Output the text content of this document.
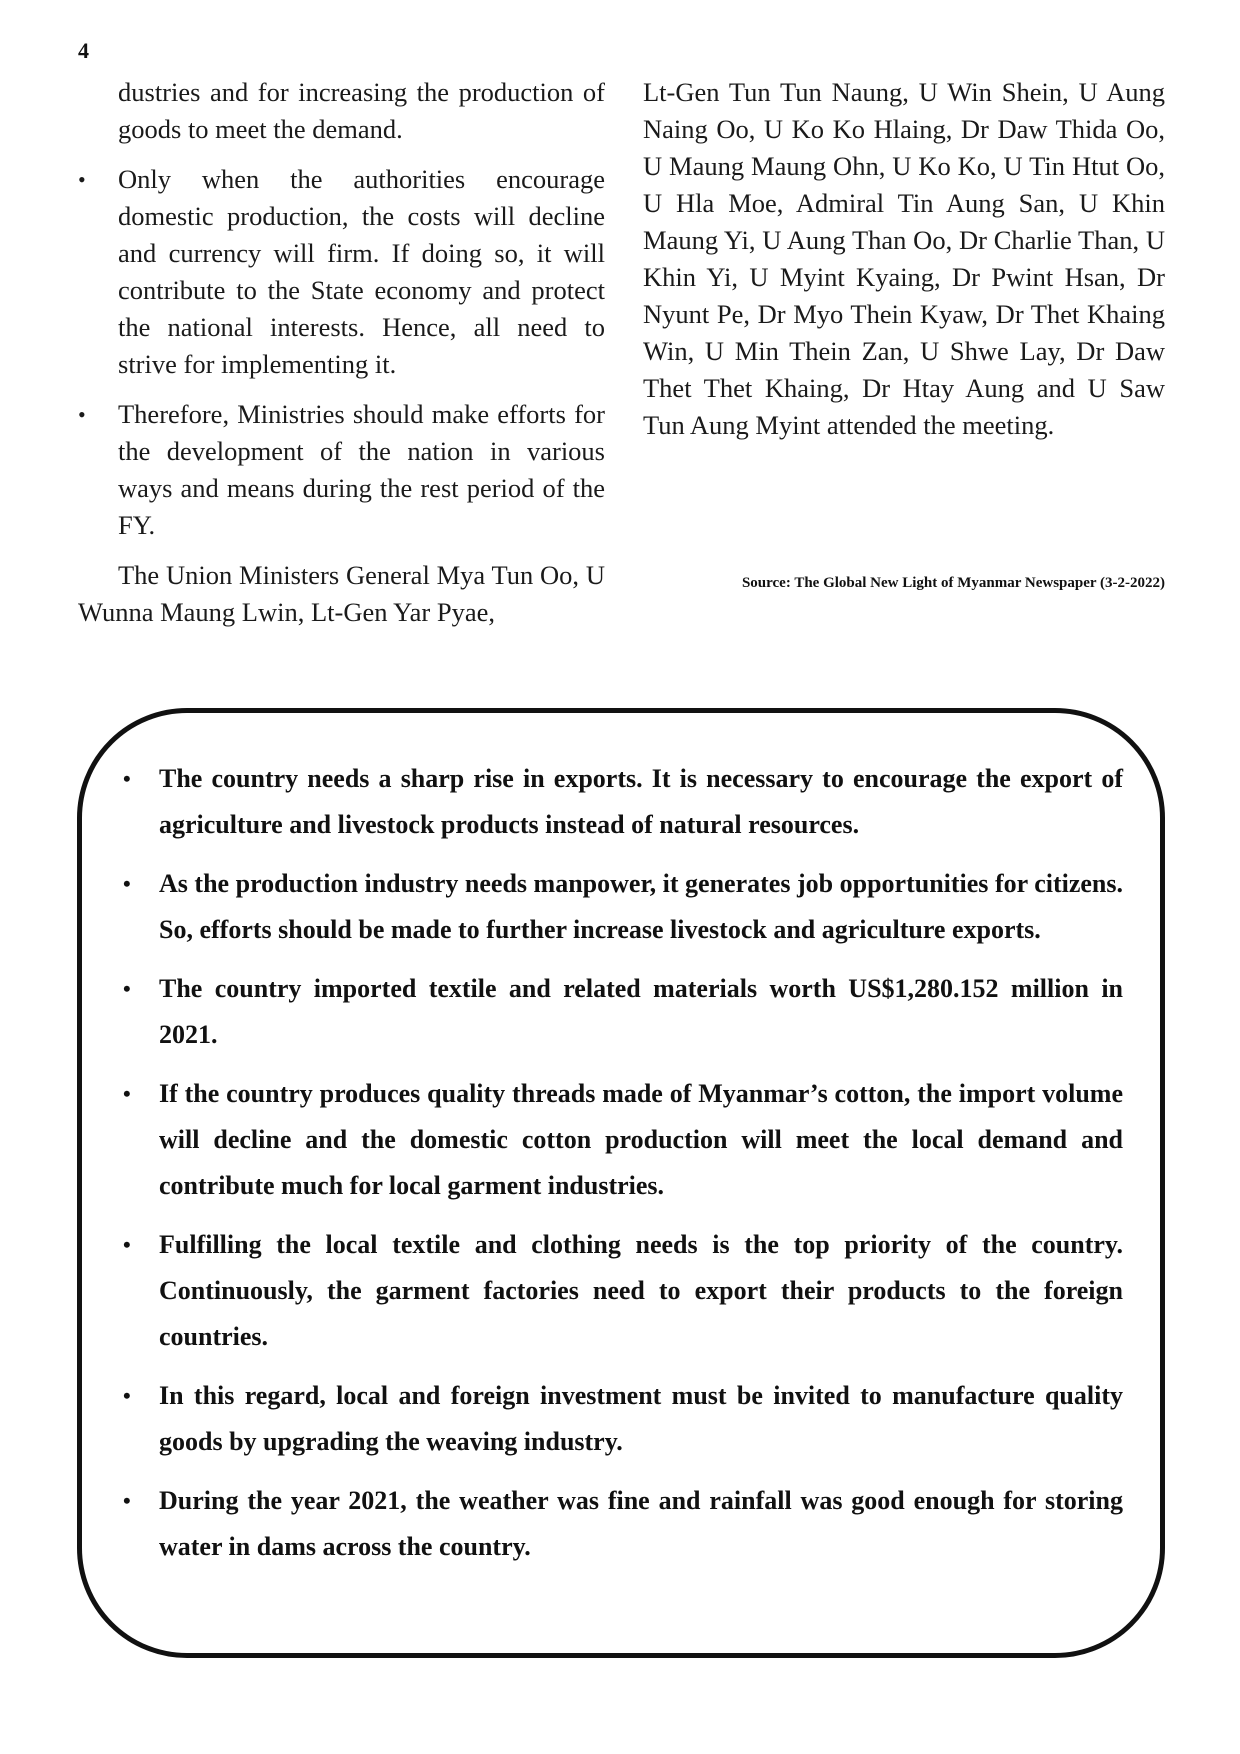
4

dustries and for increasing the production of goods to meet the demand.

• Only when the authorities encourage domestic production, the costs will decline and currency will firm. If doing so, it will contribute to the State economy and protect the national interests. Hence, all need to strive for implementing it.
• Therefore, Ministries should make efforts for the development of the nation in various ways and means during the rest period of the FY.

The Union Ministers General Mya Tun Oo, U Wunna Maung Lwin, Lt-Gen Yar Pyae,

Lt-Gen Tun Tun Naung, U Win Shein, U Aung Naing Oo, U Ko Ko Hlaing, Dr Daw Thida Oo, U Maung Maung Ohn, U Ko Ko, U Tin Htut Oo, U Hla Moe, Admiral Tin Aung San, U Khin Maung Yi, U Aung Than Oo, Dr Charlie Than, U Khin Yi, U Myint Kyaing, Dr Pwint Hsan, Dr Nyunt Pe, Dr Myo Thein Kyaw, Dr Thet Khaing Win, U Min Thein Zan, U Shwe Lay, Dr Daw Thet Thet Khaing, Dr Htay Aung and U Saw Tun Aung Myint attended the meeting.

Source: The Global New Light of Myanmar Newspaper (3-2-2022)
• The country needs a sharp rise in exports. It is necessary to encourage the export of agriculture and livestock products instead of natural resources.
• As the production industry needs manpower, it generates job opportunities for citizens. So, efforts should be made to further increase livestock and agriculture exports.
• The country imported textile and related materials worth US$1,280.152 million in 2021.
• If the country produces quality threads made of Myanmar’s cotton, the import volume will decline and the domestic cotton production will meet the local demand and contribute much for local garment industries.
• Fulfilling the local textile and clothing needs is the top priority of the country. Continuously, the garment factories need to export their products to the foreign countries.
• In this regard, local and foreign investment must be invited to manufacture quality goods by upgrading the weaving industry.
• During the year 2021, the weather was fine and rainfall was good enough for storing water in dams across the country.
